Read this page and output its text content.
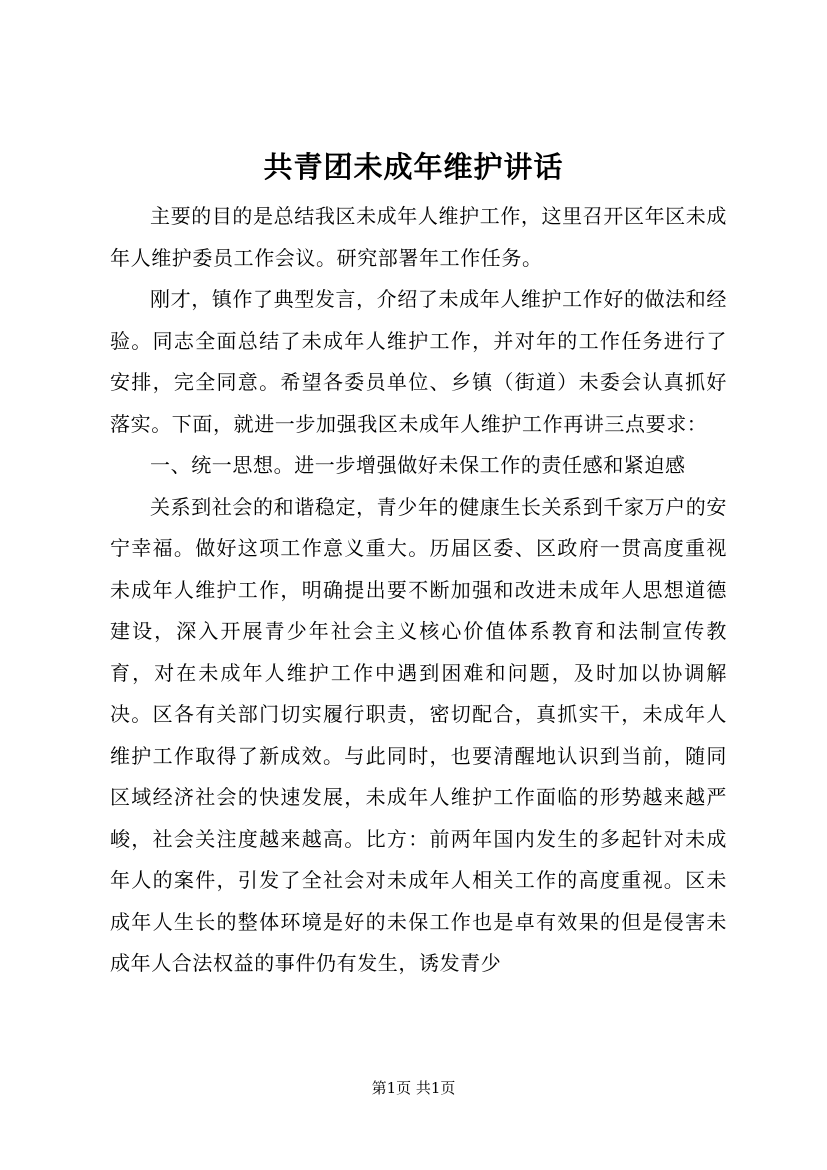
共青团未成年维护讲话

主要的目的是总结我区未成年人维护工作，这里召开区年区未成年人维护委员工作会议。研究部署年工作任务。

刚才，镇作了典型发言，介绍了未成年人维护工作好的做法和经验。同志全面总结了未成年人维护工作，并对年的工作任务进行了安排，完全同意。希望各委员单位、乡镇（街道）未委会认真抓好落实。下面，就进一步加强我区未成年人维护工作再讲三点要求：

一、统一思想。进一步增强做好未保工作的责任感和紧迫感

关系到社会的和谐稳定，青少年的健康生长关系到千家万户的安宁幸福。做好这项工作意义重大。历届区委、区政府一贯高度重视未成年人维护工作，明确提出要不断加强和改进未成年人思想道德建设，深入开展青少年社会主义核心价值体系教育和法制宣传教育，对在未成年人维护工作中遇到困难和问题，及时加以协调解决。区各有关部门切实履行职责，密切配合，真抓实干，未成年人维护工作取得了新成效。与此同时，也要清醒地认识到当前，随同区域经济社会的快速发展，未成年人维护工作面临的形势越来越严峻，社会关注度越来越高。比方：前两年国内发生的多起针对未成年人的案件，引发了全社会对未成年人相关工作的高度重视。区未成年人生长的整体环境是好的未保工作也是卓有效果的但是侵害未成年人合法权益的事件仍有发生，诱发青少

第1页 共1页
